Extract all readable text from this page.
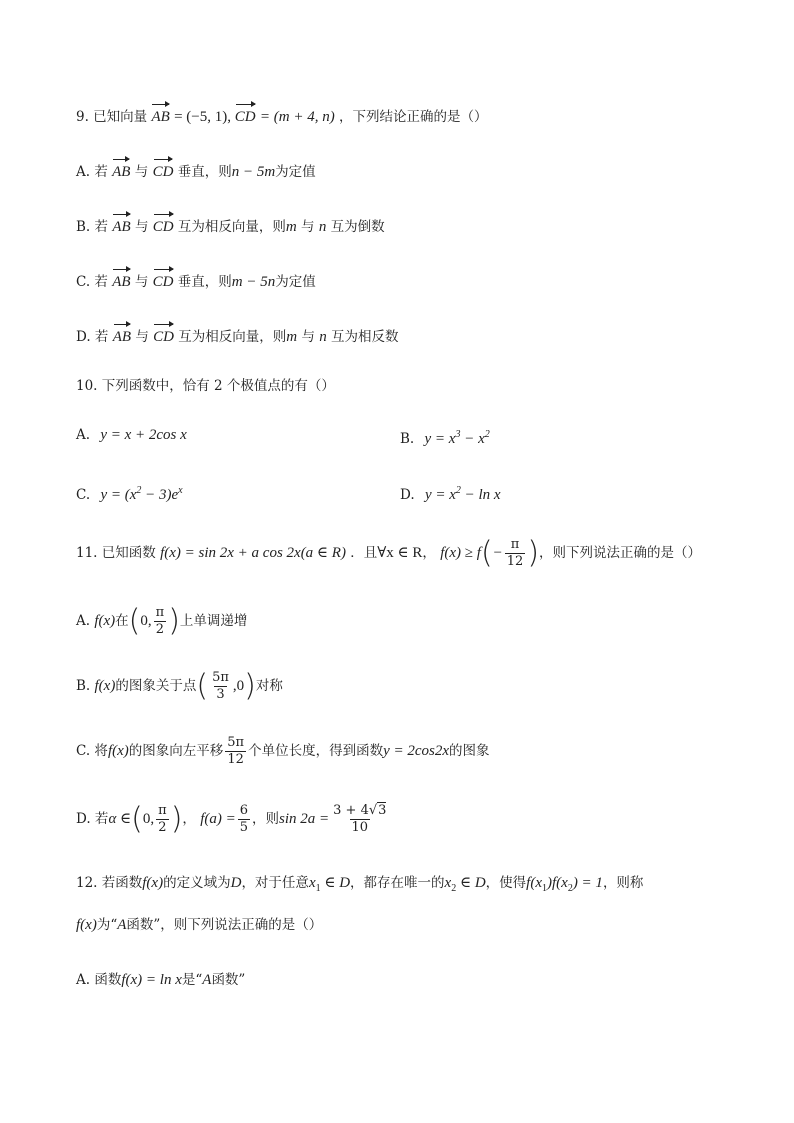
9. 已知向量 AB = (−5, 1), CD = (m + 4, n) ，下列结论正确的是（）
A. 若 AB 与 CD 垂直，则n − 5m为定值
B. 若 AB 与 CD 互为相反向量，则m 与 n 互为倒数
C. 若 AB 与 CD 垂直，则m − 5n为定值
D. 若 AB 与 CD 互为相反向量，则m 与 n 互为相反数
10. 下列函数中，恰有 2 个极值点的有（）
A. y = x + 2cos x	B. $y = x^3 - x^2$
C. $y = (x^2 - 3)e^x$	D. $y = x^2 - \ln x$
11. 已知函数 f(x) = sin 2x + a cos 2x(a ∈ R) ．且∀x ∈ R， $f(x) \ge f(- \frac{\pi}{12}$ )，则下列说法正确的是（）
A. f(x)在(0, $\frac{\pi}{2}$ )上单调递增
B. f(x)的图象关于点( $\frac{5\pi}{3} ,0$)对称
C. 将f(x)的图象向左平移 $\frac{5\pi}{12}$ 个单位长度，得到函数y = 2cos2x的图象
D. 若α ∈(0, $\frac{\pi}{2}$ )， $f(a) = \frac{6}{5}$ ，则$\sin 2a = \frac{3 + 4√3}{10}$
12. 若函数f(x)的定义域为D，对于任意$x_1$ ∈ D，都存在唯一的$x_2$ ∈ D，使得$f(x_1)f(x_2) = 1$，则称
f(x)为“A函数”，则下列说法正确的是（）
A. 函数f(x) = ln x是“A函数”
